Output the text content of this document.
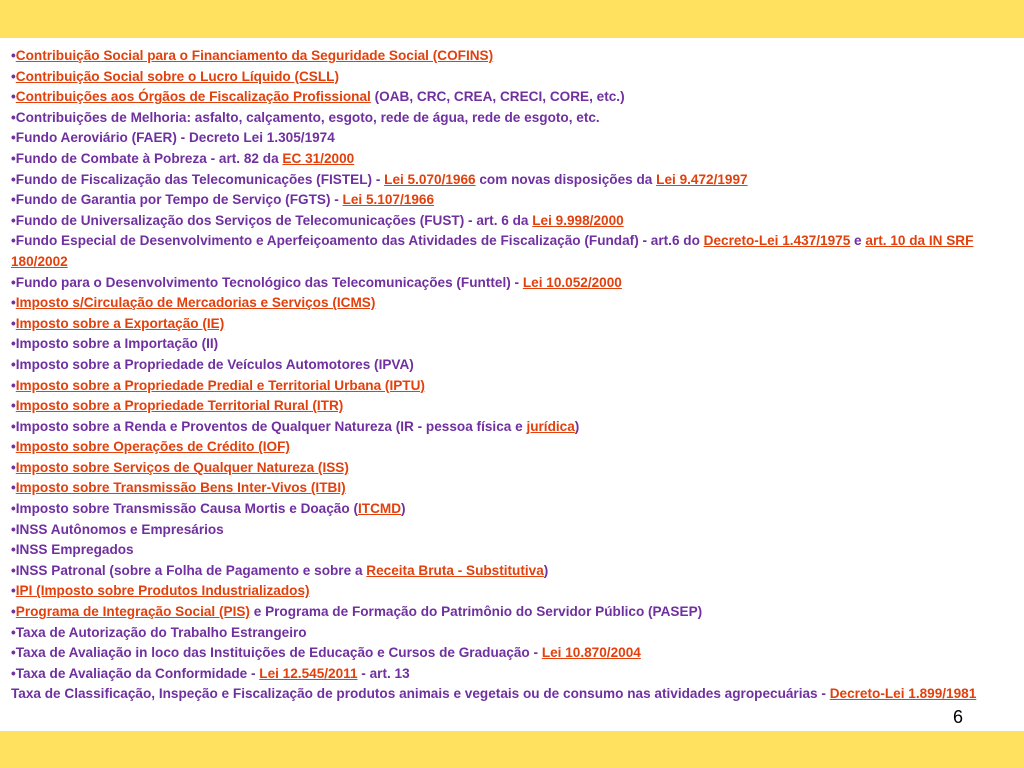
•Contribuição Social para o Financiamento da Seguridade Social (COFINS)
•Contribuição Social sobre o Lucro Líquido (CSLL)
•Contribuições aos Órgãos de Fiscalização Profissional (OAB, CRC, CREA, CRECI, CORE, etc.)
•Contribuições de Melhoria: asfalto, calçamento, esgoto, rede de água, rede de esgoto, etc.
•Fundo Aeroviário (FAER) - Decreto Lei 1.305/1974
•Fundo de Combate à Pobreza - art. 82 da EC 31/2000
•Fundo de Fiscalização das Telecomunicações (FISTEL) - Lei 5.070/1966 com novas disposições da Lei 9.472/1997
•Fundo de Garantia por Tempo de Serviço (FGTS) - Lei 5.107/1966
•Fundo de Universalização dos Serviços de Telecomunicações (FUST) - art. 6 da Lei 9.998/2000
•Fundo Especial de Desenvolvimento e Aperfeiçoamento das Atividades de Fiscalização (Fundaf) - art.6 do Decreto-Lei 1.437/1975 e art. 10 da IN SRF 180/2002
•Fundo para o Desenvolvimento Tecnológico das Telecomunicações (Funttel) - Lei 10.052/2000
•Imposto s/Circulação de Mercadorias e Serviços (ICMS)
•Imposto sobre a Exportação (IE)
•Imposto sobre a Importação (II)
•Imposto sobre a Propriedade de Veículos Automotores (IPVA)
•Imposto sobre a Propriedade Predial e Territorial Urbana (IPTU)
•Imposto sobre a Propriedade Territorial Rural (ITR)
•Imposto sobre a Renda e Proventos de Qualquer Natureza (IR - pessoa física e jurídica)
•Imposto sobre Operações de Crédito (IOF)
•Imposto sobre Serviços de Qualquer Natureza (ISS)
•Imposto sobre Transmissão Bens Inter-Vivos (ITBI)
•Imposto sobre Transmissão Causa Mortis e Doação (ITCMD)
•INSS Autônomos e Empresários
•INSS Empregados
•INSS Patronal (sobre a Folha de Pagamento e sobre a Receita Bruta - Substitutiva)
•IPI (Imposto sobre Produtos Industrializados)
•Programa de Integração Social (PIS) e Programa de Formação do Patrimônio do Servidor Público (PASEP)
•Taxa de Autorização do Trabalho Estrangeiro
•Taxa de Avaliação in loco das Instituições de Educação e Cursos de Graduação - Lei 10.870/2004
•Taxa de Avaliação da Conformidade - Lei 12.545/2011 - art. 13
Taxa de Classificação, Inspeção e Fiscalização de produtos animais e vegetais ou de consumo nas atividades agropecuárias - Decreto-Lei 1.899/1981
6
